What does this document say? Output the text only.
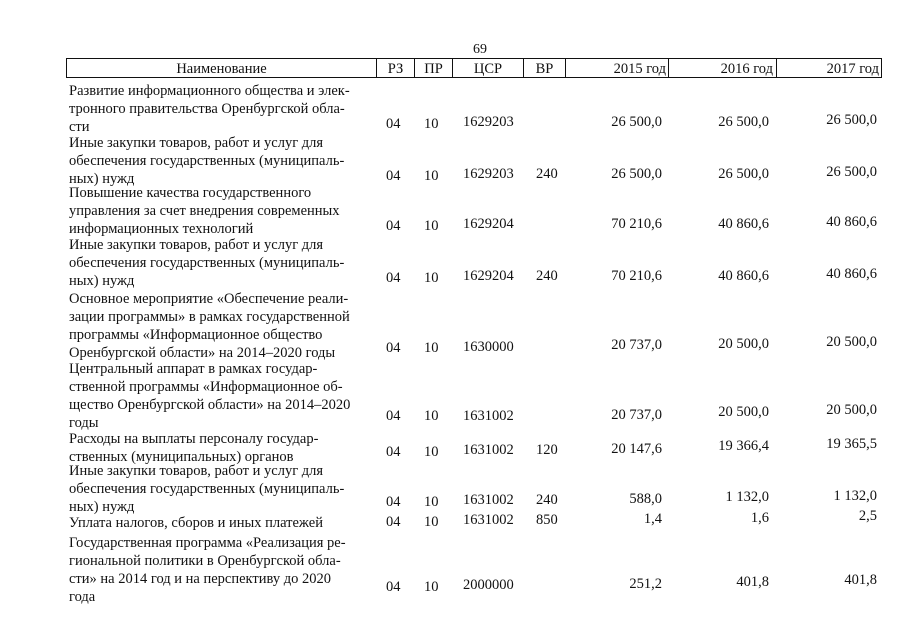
69
Наименование	РЗ	ПР	ЦСР	ВР	2015 год	2016 год	2017 год
Развитие информационного общества и элек-
тронного правительства Оренбургской обла-
сти	04 10 1629203	26 500,0	26 500,0	26 500,0
Иные закупки товаров, работ и услуг для
обеспечения государственных (муниципаль-
ных) нужд	04 10 1629203 240	26 500,0	26 500,0	26 500,0
Повышение качества государственного
управления за счет внедрения современных
информационных технологий	04 10 1629204	70 210,6	40 860,6	40 860,6
Иные закупки товаров, работ и услуг для
обеспечения государственных (муниципаль-
ных) нужд	04 10 1629204 240	70 210,6	40 860,6	40 860,6
Основное мероприятие «Обеспечение реали-
зации программы» в рамках государственной
программы «Информационное общество
Оренбургской области» на 2014–2020 годы	04 10 1630000	20 737,0	20 500,0	20 500,0
Центральный аппарат в рамках государ-
ственной программы «Информационное об-
щество Оренбургской области» на 2014–2020
годы	04 10 1631002	20 737,0	20 500,0	20 500,0
Расходы на выплаты персоналу государ-
ственных (муниципальных) органов	04 10 1631002 120	20 147,6	19 366,4	19 365,5
Иные закупки товаров, работ и услуг для
обеспечения государственных (муниципаль-
ных) нужд	04 10 1631002 240	588,0	1 132,0	1 132,0
Уплата налогов, сборов и иных платежей	04 10 1631002 850	1,4	1,6	2,5
Государственная программа «Реализация ре-
гиональной политики в Оренбургской обла-
сти» на 2014 год и на перспективу до 2020
года
04 10 2000000	251,2	401,8	401,8
